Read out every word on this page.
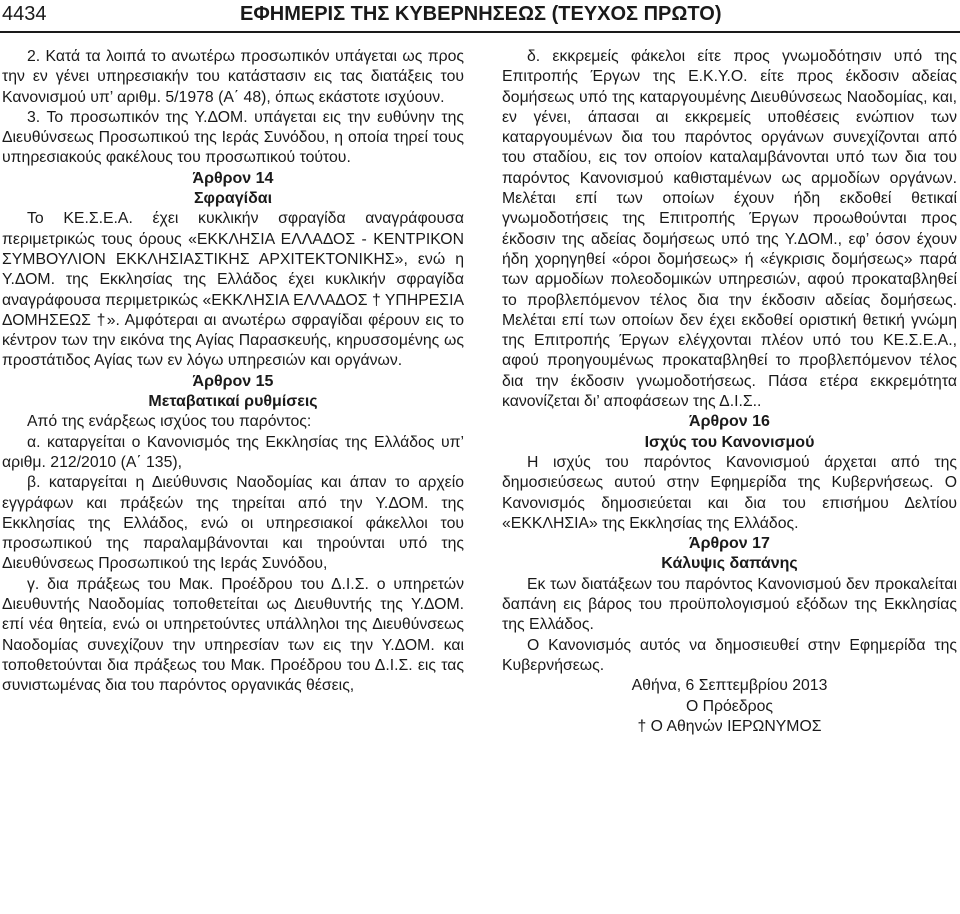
4434	ΕΦΗΜΕΡΙΣ ΤΗΣ ΚΥΒΕΡΝΗΣΕΩΣ (ΤΕΥΧΟΣ ΠΡΩΤΟ)

2. Κατά τα λοιπά το ανωτέρω προσωπικόν υπάγεται ως προς την εν γένει υπηρεσιακήν του κατάστασιν εις τας διατάξεις του Κανονισμού υπ’ αριθμ. 5/1978 (Α΄ 48), όπως εκάστοτε ισχύουν.

3. Το προσωπικόν της Υ.ΔΟΜ. υπάγεται εις την ευθύνην της Διευθύνσεως Προσωπικού της Ιεράς Συνόδου, η οποία τηρεί τους υπηρεσιακούς φακέλους του προσωπικού τούτου.

Άρθρον 14

Σφραγίδαι

Το ΚΕ.Σ.Ε.Α. έχει κυκλικήν σφραγίδα αναγράφουσα περιμετρικώς τους όρους «ΕΚΚΛΗΣΙΑ ΕΛΛΑΔΟΣ - ΚΕΝΤΡΙΚΟΝ ΣΥΜΒΟΥΛΙΟΝ ΕΚΚΛΗΣΙΑΣΤΙΚΗΣ ΑΡΧΙΤΕΚΤΟΝΙΚΗΣ», ενώ η Υ.ΔΟΜ. της Εκκλησίας της Ελλάδος έχει κυκλικήν σφραγίδα αναγράφουσα περιμετρικώς «ΕΚΚΛΗΣΙΑ ΕΛΛΑΔΟΣ † ΥΠΗΡΕΣΙΑ ΔΟΜΗΣΕΩΣ †». Αμφότεραι αι ανωτέρω σφραγίδαι φέρουν εις το κέντρον των την εικόνα της Αγίας Παρασκευής, κηρυσσομένης ως προστάτιδος Αγίας των εν λόγω υπηρεσιών και οργάνων.

Άρθρον 15

Μεταβατικαί ρυθμίσεις

Από της ενάρξεως ισχύος του παρόντος:

α. καταργείται ο Κανονισμός της Εκκλησίας της Ελλάδος υπ’ αριθμ. 212/2010 (Α΄ 135),

β. καταργείται η Διεύθυνσις Ναοδομίας και άπαν το αρχείο εγγράφων και πράξεών της τηρείται από την Υ.ΔΟΜ. της Εκκλησίας της Ελλάδος, ενώ οι υπηρεσιακοί φάκελλοι του προσωπικού της παραλαμβάνονται και τηρούνται υπό της Διευθύνσεως Προσωπικού της Ιεράς Συνόδου,

γ. δια πράξεως του Μακ. Προέδρου του Δ.Ι.Σ. ο υπηρετών Διευθυντής Ναοδομίας τοποθετείται ως Διευθυντής της Υ.ΔΟΜ. επί νέα θητεία, ενώ οι υπηρετούντες υπάλληλοι της Διευθύνσεως Ναοδομίας συνεχίζουν την υπηρεσίαν των εις την Υ.ΔΟΜ. και τοποθετούνται δια πράξεως του Μακ. Προέδρου του Δ.Ι.Σ. εις τας συνιστωμένας δια του παρόντος οργανικάς θέσεις,

δ. εκκρεμείς φάκελοι είτε προς γνωμοδότησιν υπό της Επιτροπής Έργων της Ε.Κ.Υ.Ο. είτε προς έκδοσιν αδείας δομήσεως υπό της καταργουμένης Διευθύνσεως Ναοδομίας, και, εν γένει, άπασαι αι εκκρεμείς υποθέσεις ενώπιον των καταργουμένων δια του παρόντος οργάνων συνεχίζονται από του σταδίου, εις τον οποίον καταλαμβάνονται υπό των δια του παρόντος Κανονισμού καθισταμένων ως αρμοδίων οργάνων. Μελέται επί των οποίων έχουν ήδη εκδοθεί θετικαί γνωμοδοτήσεις της Επιτροπής Έργων προωθούνται προς έκδοσιν της αδείας δομήσεως υπό της Υ.ΔΟΜ., εφ’ όσον έχουν ήδη χορηγηθεί «όροι δομήσεως» ή «έγκρισις δομήσεως» παρά των αρμοδίων πολεοδομικών υπηρεσιών, αφού προκαταβληθεί το προβλεπόμενον τέλος δια την έκδοσιν αδείας δομήσεως. Μελέται επί των οποίων δεν έχει εκδοθεί οριστική θετική γνώμη της Επιτροπής Έργων ελέγχονται πλέον υπό του ΚΕ.Σ.Ε.Α., αφού προηγουμένως προκαταβληθεί το προβλεπόμενον τέλος δια την έκδοσιν γνωμοδοτήσεως. Πάσα ετέρα εκκρεμότητα κανονίζεται δι’ αποφάσεων της Δ.Ι.Σ..

Άρθρον 16

Ισχύς του Κανονισμού

Η ισχύς του παρόντος Κανονισμού άρχεται από της δημοσιεύσεως αυτού στην Εφημερίδα της Κυβερνήσεως. Ο Κανονισμός δημοσιεύεται και δια του επισήμου Δελτίου «ΕΚΚΛΗΣΙΑ» της Εκκλησίας της Ελλάδος.

Άρθρον 17

Κάλυψις δαπάνης

Εκ των διατάξεων του παρόντος Κανονισμού δεν προκαλείται δαπάνη εις βάρος του προϋπολογισμού εξόδων της Εκκλησίας της Ελλάδος.

Ο Κανονισμός αυτός να δημοσιευθεί στην Εφημερίδα της Κυβερνήσεως.

Αθήνα, 6 Σεπτεμβρίου 2013

Ο Πρόεδρος

† Ο Αθηνών ΙΕΡΩΝΥΜΟΣ
